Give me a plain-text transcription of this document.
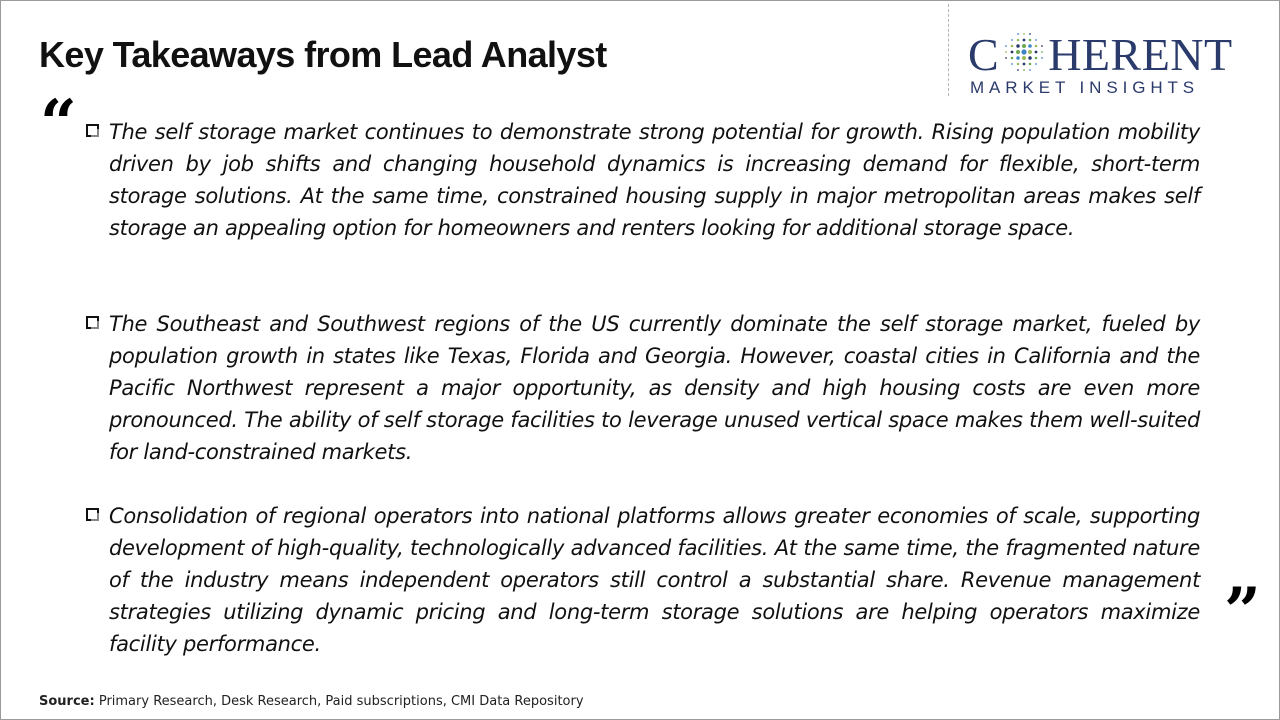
Key Takeaways from Lead Analyst	C HERENT
MARKET INSIGHTS
“ The self storage market continues to demonstrate strong potential for growth. Rising population mobility driven by job shifts and changing household dynamics is increasing demand for flexible, short-term storage solutions. At the same time, constrained housing supply in major metropolitan areas makes self storage an appealing option for homeowners and renters looking for additional storage space.
The Southeast and Southwest regions of the US currently dominate the self storage market, fueled by population growth in states like Texas, Florida and Georgia. However, coastal cities in California and the Pacific Northwest represent a major opportunity, as density and high housing costs are even more pronounced. The ability of self storage facilities to leverage unused vertical space makes them well-suited for land-constrained markets.
Consolidation of regional operators into national platforms allows greater economies of scale, supporting development of high-quality, technologically advanced facilities. At the same time, the fragmented nature of the industry means independent operators still control a substantial share. Revenue management strategies utilizing dynamic pricing and long-term storage solutions are helping operators maximize facility performance.	”
Source: Primary Research, Desk Research, Paid subscriptions, CMI Data Repository
